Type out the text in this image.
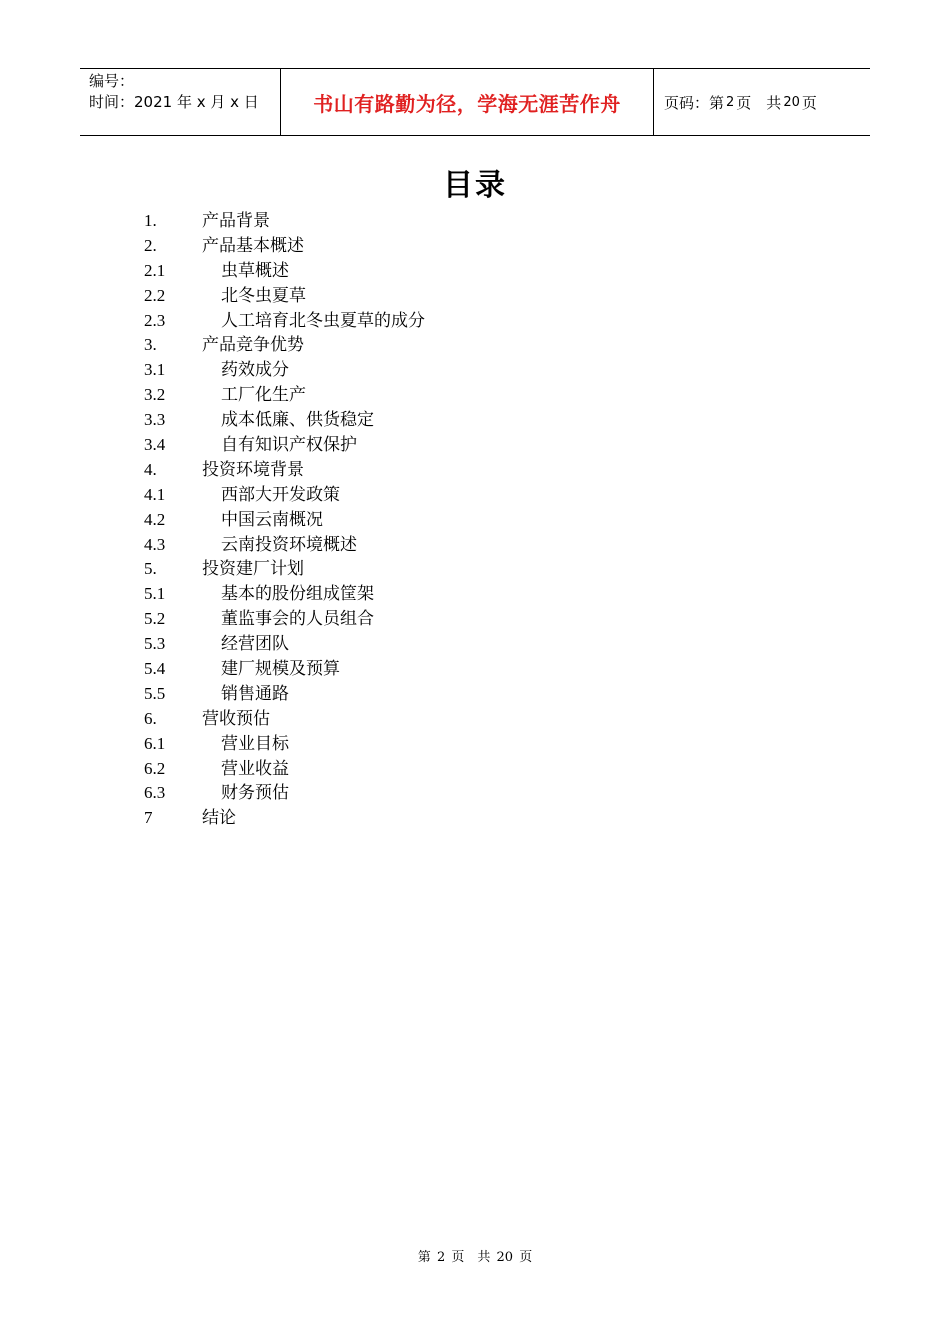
编号：
时间：2021 年 x 月 x 日	书山有路勤为径，学海无涯苦作舟	页码：第 2 页　共 20 页
目录
1.	产品背景
2.	产品基本概述
2.1	虫草概述
2.2	北冬虫夏草
2.3	人工培育北冬虫夏草的成分
3.	产品竞争优势
3.1	药效成分
3.2	工厂化生产
3.3	成本低廉、供货稳定
3.4	自有知识产权保护
4.	投资环境背景
4.1	西部大开发政策
4.2	中国云南概况
4.3	云南投资环境概述
5.	投资建厂计划
5.1	基本的股份组成筐架
5.2	董监事会的人员组合
5.3	经营团队
5.4	建厂规模及预算
5.5	销售通路
6.	营收预估
6.1	营业目标
6.2	营业收益
6.3	财务预估
7	结论
第 2 页　共 20 页
